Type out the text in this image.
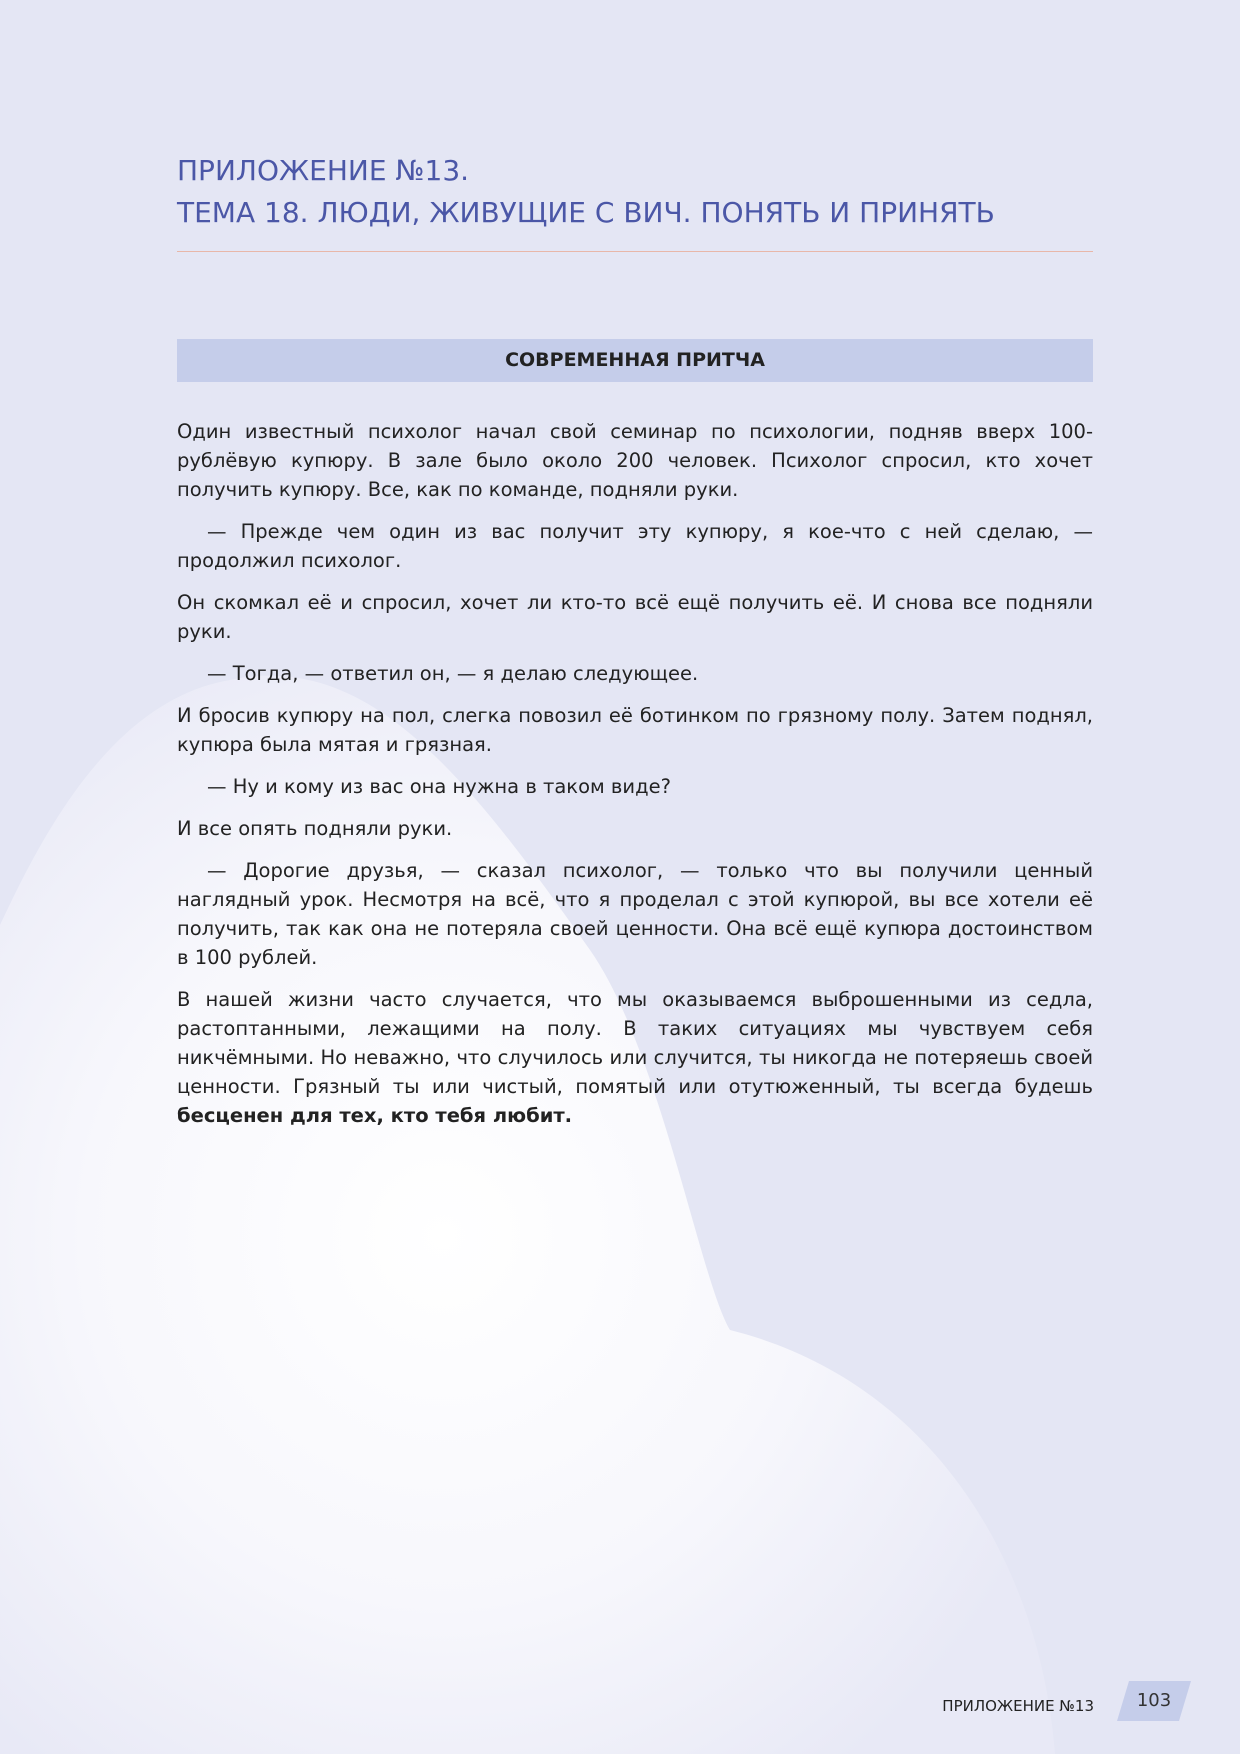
ПРИЛОЖЕНИЕ №13.
ТЕМА 18. ЛЮДИ, ЖИВУЩИЕ С ВИЧ. ПОНЯТЬ И ПРИНЯТЬ
СОВРЕМЕННАЯ ПРИТЧА

Один известный психолог начал свой семинар по психологии, подняв вверх 100-рублёвую купюру. В зале было около 200 человек. Психолог спросил, кто хочет получить купюру. Все, как по команде, подняли руки.

— Прежде чем один из вас получит эту купюру, я кое-что с ней сделаю, — продолжил психолог.

Он скомкал её и спросил, хочет ли кто-то всё ещё получить её. И снова все подняли руки.

— Тогда, — ответил он, — я делаю следующее.

И бросив купюру на пол, слегка повозил её ботинком по грязному полу. Затем поднял, купюра была мятая и грязная.

— Ну и кому из вас она нужна в таком виде?

И все опять подняли руки.

— Дорогие друзья, — сказал психолог, — только что вы получили ценный наглядный урок. Несмотря на всё, что я проделал с этой купюрой, вы все хотели её получить, так как она не потеряла своей ценности. Она всё ещё купюра достоинством в 100 рублей.

В нашей жизни часто случается, что мы оказываемся выброшенными из седла, растоптанными, лежащими на полу. В таких ситуациях мы чувствуем себя никчёмными. Но неважно, что случилось или случится, ты никогда не потеряешь своей ценности. Грязный ты или чистый, помятый или отутюженный, ты всегда будешь бесценен для тех, кто тебя любит.

ПРИЛОЖЕНИЕ №13	103
